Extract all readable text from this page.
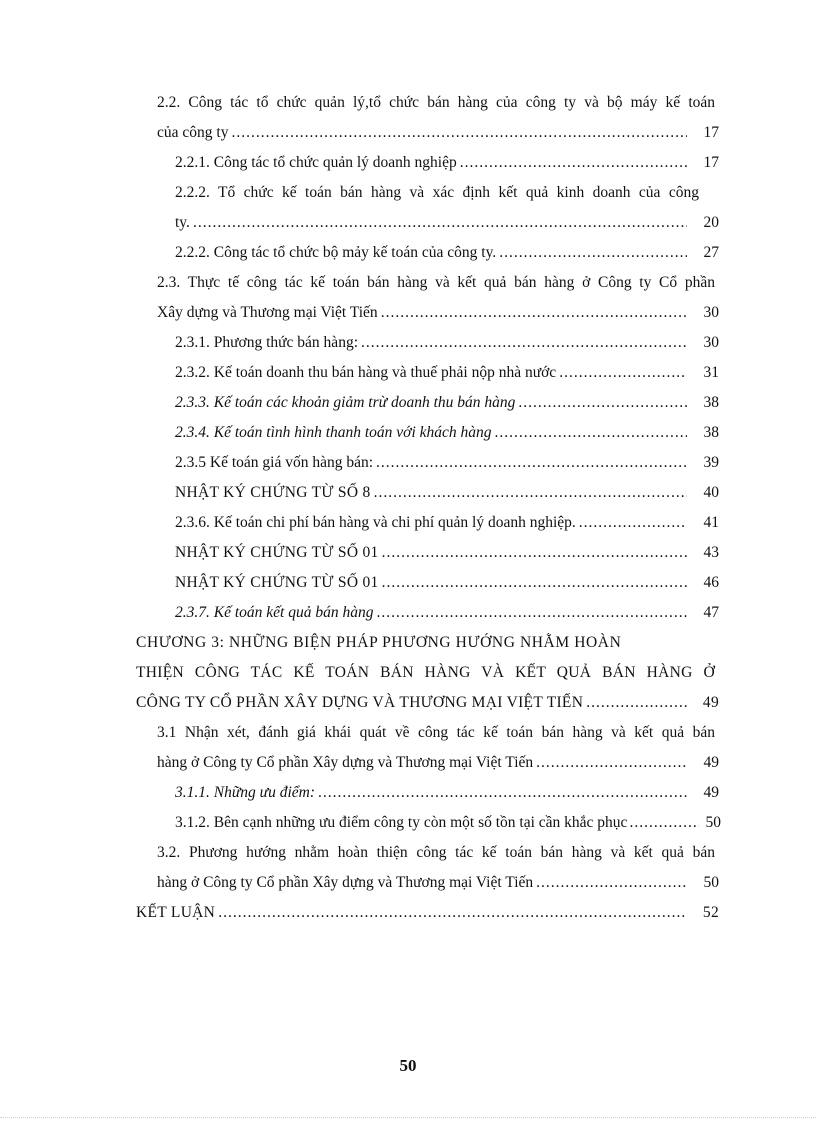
2.2. Công tác tổ chức quản lý,tổ chức bán hàng của công ty và bộ máy kế toán
của công ty .....	17
2.2.1. Công tác tổ chức quản lý doanh nghiệp .....	17
2.2.2. Tổ chức kế toán bán hàng và xác định kết quả kinh doanh của công
ty. .....	20
2.2.2. Công tác tổ chức bộ mảy kế toán của công ty. .....	27
2.3. Thực tế công tác kế toán bán hàng và kết quả bán hàng ở Công ty Cổ phần
Xây dựng và Thương mại Việt Tiến .....	30
2.3.1. Phương thức bán hàng: .....	30
2.3.2. Kế toán doanh thu bán hàng và thuế phải nộp nhà nước .....	31
2.3.3. Kế toán các khoản giảm trừ doanh thu bán hàng .....	38
2.3.4. Kế toán tình hình thanh toán với khách hàng .....	38
2.3.5 Kế toán giá vốn hàng bán: .....	39
NHẬT KÝ CHỨNG TỪ SỐ 8 .....	40
2.3.6. Kế toán chi phí bán hàng và chi phí quản lý doanh nghiệp. .....	41
NHẬT KÝ CHỨNG TỪ SỐ 01 .....	43
NHẬT KÝ CHỨNG TỪ SỐ 01 .....	46
2.3.7. Kế toán kết quả bán hàng .....	47
CHƯƠNG 3: NHỮNG BIỆN PHÁP PHƯƠNG HƯỚNG NHẰM HOÀN
THIỆN CÔNG TÁC KẾ TOÁN BÁN HÀNG VÀ KẾT QUẢ BÁN HÀNG Ở
CÔNG TY CỔ PHẦN XÂY DỰNG VÀ THƯƠNG MẠI VIỆT TIẾN .....	49
3.1 Nhận xét, đánh giá khái quát về công tác kế toán bán hàng và kết quả bán
hàng ở Công ty Cổ phần Xây dựng và Thương mại Việt Tiến .....	49
3.1.1. Những ưu điểm: .....	49
3.1.2. Bên cạnh những ưu điểm công ty còn một số tồn tại cần khắc phục .....	50
3.2. Phương hướng nhằm hoàn thiện công tác kế toán bán hàng và kết quả bán
hàng ở Công ty Cổ phần Xây dựng và Thương mại Việt Tiến .....	50
KẾT LUẬN .....	52
50
